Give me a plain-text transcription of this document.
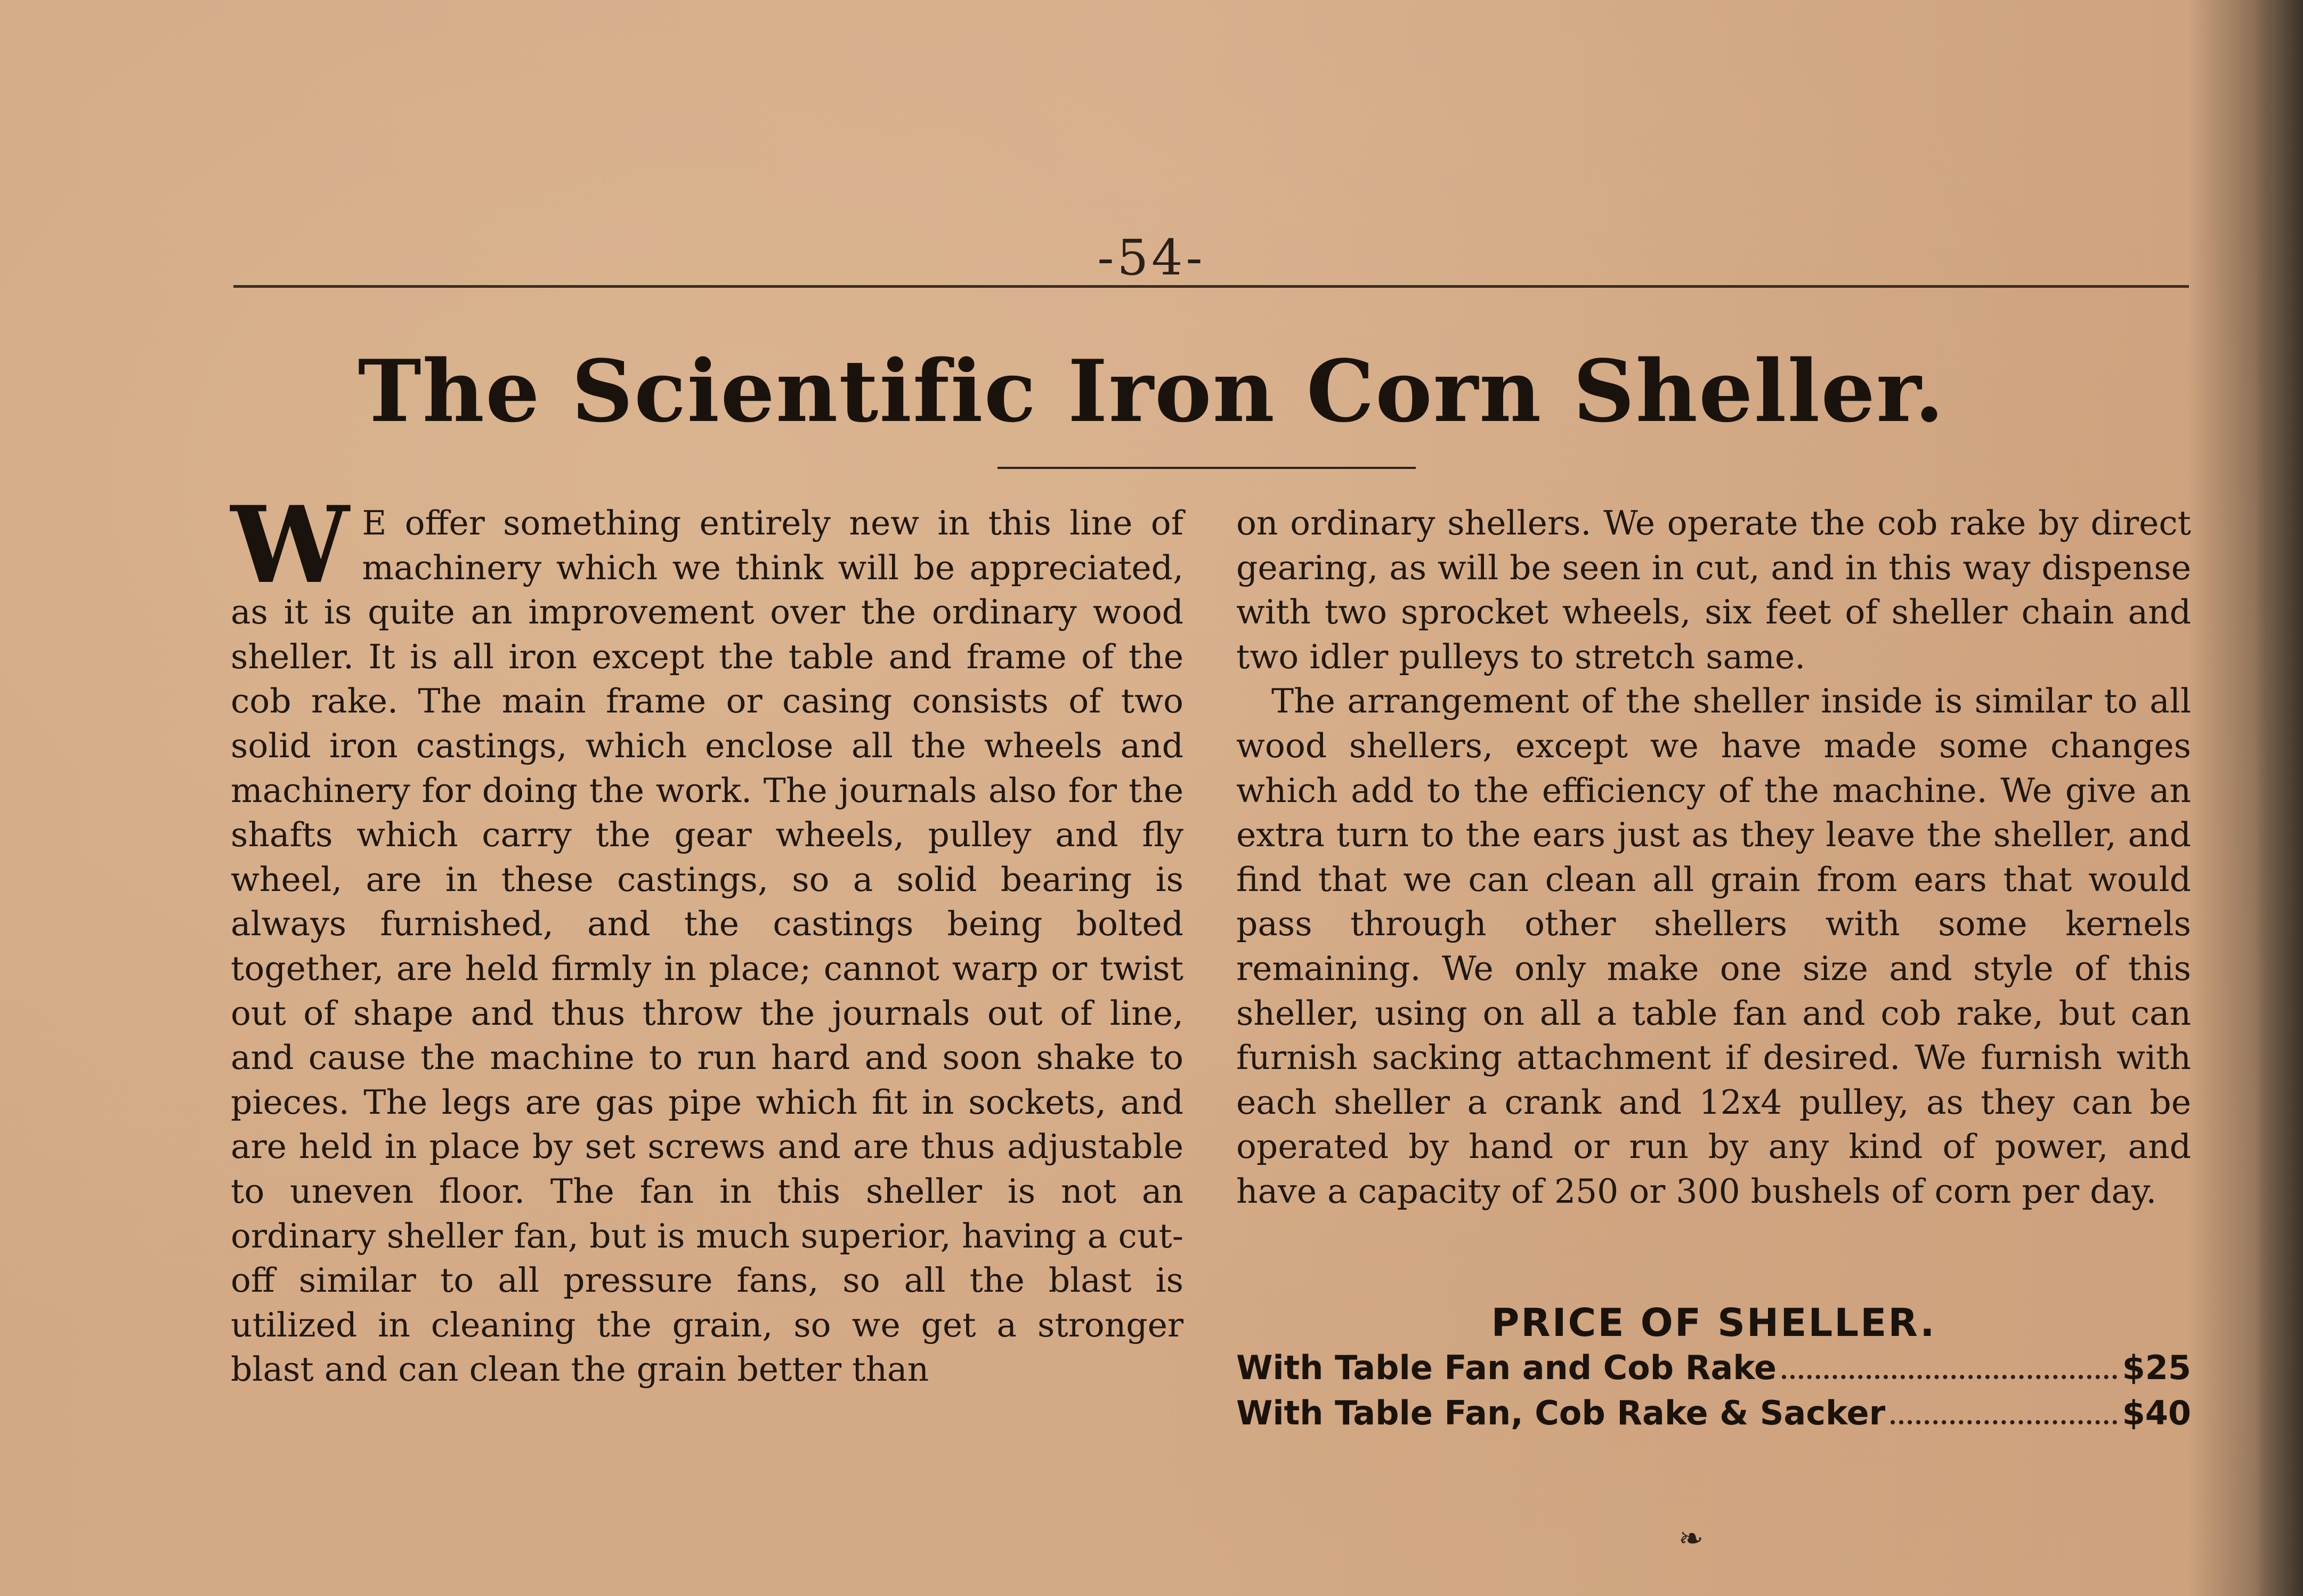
-54-
The Scientific Iron Corn Sheller.

W E offer something entirely new in this line of machinery which we think will be appreciated, as it is quite an improvement over the ordinary wood sheller. It is all iron except the table and frame of the cob rake. The main frame or casing consists of two solid iron castings, which enclose all the wheels and machinery for doing the work. The journals also for the shafts which carry the gear wheels, pulley and fly wheel, are in these castings, so a solid bearing is always furnished, and the castings being bolted together, are held firmly in place; cannot warp or twist out of shape and thus throw the journals out of line, and cause the machine to run hard and soon shake to pieces. The legs are gas pipe which fit in sockets, and are held in place by set screws and are thus adjustable to uneven floor. The fan in this sheller is not an ordinary sheller fan, but is much superior, having a cut-off similar to all pressure fans, so all the blast is utilized in cleaning the grain, so we get a stronger blast and can clean the grain better than

on ordinary shellers. We operate the cob rake by direct gearing, as will be seen in cut, and in this way dispense with two sprocket wheels, six feet of sheller chain and two idler pulleys to stretch same.

The arrangement of the sheller inside is similar to all wood shellers, except we have made some changes which add to the efficiency of the machine. We give an extra turn to the ears just as they leave the sheller, and find that we can clean all grain from ears that would pass through other shellers with some kernels remaining. We only make one size and style of this sheller, using on all a table fan and cob rake, but can furnish sacking attachment if desired. We furnish with each sheller a crank and 12x4 pulley, as they can be operated by hand or run by any kind of power, and have a capacity of 250 or 300 bushels of corn per day.

PRICE OF SHELLER.
With Table Fan and Cob Rake	$25
With Table Fan, Cob Rake & Sacker	$40
❧
